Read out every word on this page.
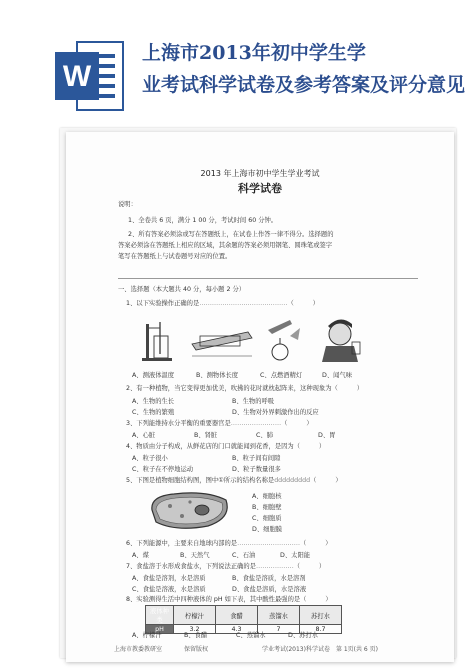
W
上海市2013年初中学生学
业考试科学试卷及参考答案及评分意见
2013 年上海市初中学生学业考试
科学试卷
说明：
1、全卷共 6 页，满分 1 00 分，考试时间 60 分钟。
2、所有答案必须涂或写在答题纸上，在试卷上作答一律不得分。选择题的
答案必须涂在答题纸上相应的区域，其余题的答案必须用钢笔、圆珠笔或签字
笔写在答题纸上与试卷题号对应的位置。
一、选择题（本大题共 40 分，每小题 2 分）
1、以下实验操作正确的是……………………………………（　　　）
A、测液体温度	B、测物体长度	C、点燃酒精灯	D、闻气味
2、有一种植物，当它变得更加优美，吹拂的花时就枕起阵来，这种现象为（　　　）
A、生物的生长	B、生物的呼吸
C、生物的繁殖	D、生物对外界刺激作出的反应
3、下列能维持水分平衡的重要器官是……………………（　　　）
A、心脏	B、肾脏	C、肺	D、胃
4、物质由分子构成，从鲜花店的门口就能闻到花香，是因为（　　　）
A、粒子很小	B、粒子间有间隙
C、粒子在不停地运动	D、粒子数量很多
5、下图是植物细胞结构图，图中①所示的结构名称是ddddddddd（　　　）
A、细胞核
B、细胞壁
C、细胞质
D、细胞膜
6、下列能源中，主要来自地球内部的是…………………………（　　　）
A、煤	B、天然气	C、石油	D、太阳能
7、食盐溶于水形成食盐水，下列说法正确的是………………（　　　）
A、食盐是溶剂，水是溶质	B、食盐是溶质，水是溶剂
C、食盐是溶液，水是溶质	D、食盐是溶质，水是溶液
8、实验测得生活中四种液体的 pH 如下表，其中酸性最强的是（　　　）
液体种类	柠檬汁	食醋	蒸馏水	苏打水
pH	3.2	4.3	7	8.7
A、柠檬汁	B、食醋	C、蒸馏水	D、苏打水
上海市教委教研室	保留版权	学业考试(2013)科学试卷　第 1页(共 6 页)
